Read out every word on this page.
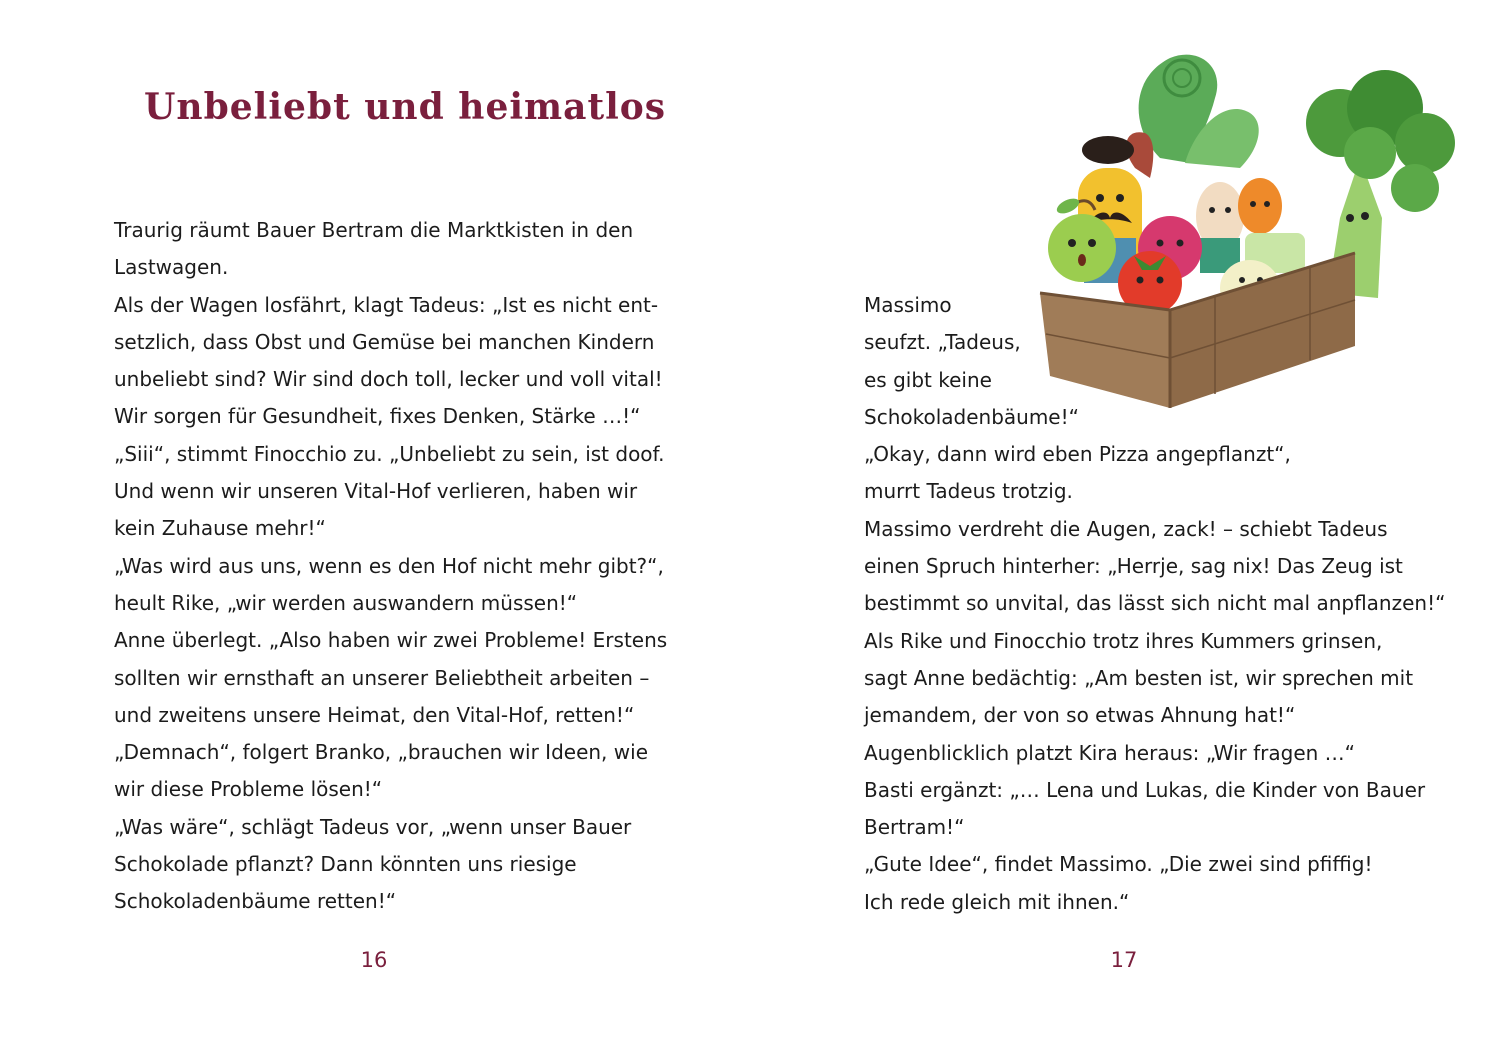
Unbeliebt und heimatlos
Traurig räumt Bauer Bertram die Marktkisten in den
Lastwagen.
Als der Wagen losfährt, klagt Tadeus: „Ist es nicht ent-
setzlich, dass Obst und Gemüse bei manchen Kindern
unbeliebt sind? Wir sind doch toll, lecker und voll vital!
Wir sorgen für Gesundheit, fixes Denken, Stärke …!“
„Siii“, stimmt Finocchio zu. „Unbeliebt zu sein, ist doof.
Und wenn wir unseren Vital-Hof verlieren, haben wir
kein Zuhause mehr!“
„Was wird aus uns, wenn es den Hof nicht mehr gibt?“,
heult Rike, „wir werden auswandern müssen!“
Anne überlegt. „Also haben wir zwei Probleme! Erstens
sollten wir ernsthaft an unserer Beliebtheit arbeiten –
und zweitens unsere Heimat, den Vital-Hof, retten!“
„Demnach“, folgert Branko, „brauchen wir Ideen, wie
wir diese Probleme lösen!“
„Was wäre“, schlägt Tadeus vor, „wenn unser Bauer
Schokolade pflanzt? Dann könnten uns riesige
Schokoladenbäume retten!“
16
Massimo
seufzt. „Tadeus,
es gibt keine
Schokoladenbäume!“
„Okay, dann wird eben Pizza angepflanzt“,
murrt Tadeus trotzig.
Massimo verdreht die Augen, zack! – schiebt Tadeus
einen Spruch hinterher: „Herrje, sag nix! Das Zeug ist
bestimmt so unvital, das lässt sich nicht mal anpflanzen!“
Als Rike und Finocchio trotz ihres Kummers grinsen,
sagt Anne bedächtig: „Am besten ist, wir sprechen mit
jemandem, der von so etwas Ahnung hat!“
Augenblicklich platzt Kira heraus: „Wir fragen …“
Basti ergänzt: „… Lena und Lukas, die Kinder von Bauer
Bertram!“
„Gute Idee“, findet Massimo. „Die zwei sind pfiffig!
Ich rede gleich mit ihnen.“
17
